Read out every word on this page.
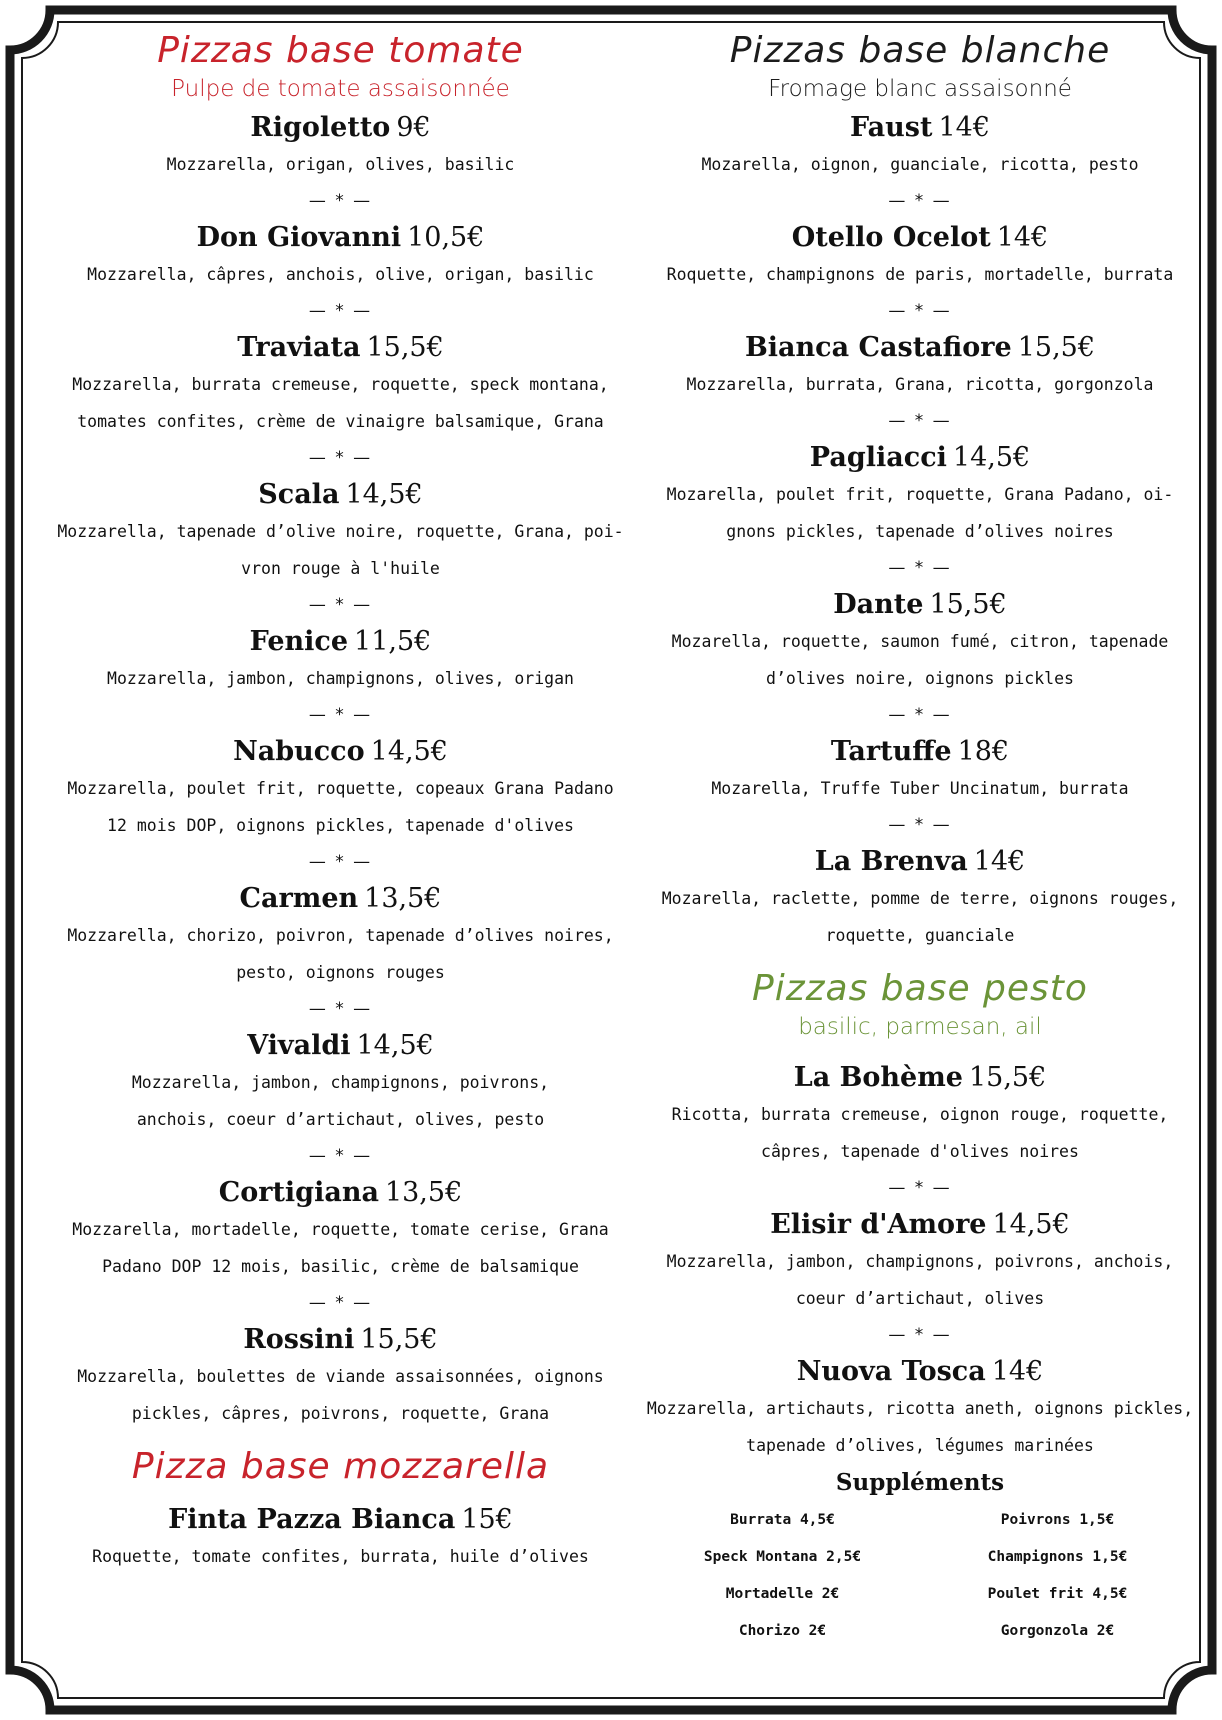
Pizzas base tomate
Pulpe de tomate assaisonnée
Rigoletto 9€
Mozzarella, origan, olives, basilic
— * —
Don Giovanni 10,5€
Mozzarella, câpres, anchois, olive, origan, basilic
— * —
Traviata 15,5€
Mozzarella, burrata cremeuse, roquette, speck montana,
tomates confites, crème de vinaigre balsamique, Grana
— * —
Scala 14,5€
Mozzarella, tapenade d’olive noire, roquette, Grana, poi-
vron rouge à l'huile
— * —
Fenice 11,5€
Mozzarella, jambon, champignons, olives, origan
— * —
Nabucco 14,5€
Mozzarella, poulet frit, roquette, copeaux Grana Padano
12 mois DOP, oignons pickles, tapenade d'olives
— * —
Carmen 13,5€
Mozzarella, chorizo, poivron, tapenade d’olives noires,
pesto, oignons rouges
— * —
Vivaldi 14,5€
Mozzarella, jambon, champignons, poivrons,
anchois, coeur d’artichaut, olives, pesto
— * —
Cortigiana 13,5€
Mozzarella, mortadelle, roquette, tomate cerise, Grana
Padano DOP 12 mois, basilic, crème de balsamique
— * —
Rossini 15,5€
Mozzarella, boulettes de viande assaisonnées, oignons
pickles, câpres, poivrons, roquette, Grana
Pizza base mozzarella
Finta Pazza Bianca 15€
Roquette, tomate confites, burrata, huile d’olives
Pizzas base blanche
Fromage blanc assaisonné
Faust 14€
Mozarella, oignon, guanciale, ricotta, pesto
— * —
Otello Ocelot 14€
Roquette, champignons de paris, mortadelle, burrata
— * —
Bianca Castafiore 15,5€
Mozzarella, burrata, Grana, ricotta, gorgonzola
— * —
Pagliacci 14,5€
Mozarella, poulet frit, roquette, Grana Padano, oi-
gnons pickles, tapenade d’olives noires
— * —
Dante 15,5€
Mozarella, roquette, saumon fumé, citron, tapenade
d’olives noire, oignons pickles
— * —
Tartuffe 18€
Mozarella, Truffe Tuber Uncinatum, burrata
— * —
La Brenva 14€
Mozarella, raclette, pomme de terre, oignons rouges,
roquette, guanciale
Pizzas base pesto
basilic, parmesan, ail
La Bohème 15,5€
Ricotta, burrata cremeuse, oignon rouge, roquette,
câpres, tapenade d'olives noires
— * —
Elisir d'Amore 14,5€
Mozzarella, jambon, champignons, poivrons, anchois,
coeur d’artichaut, olives
— * —
Nuova Tosca 14€
Mozzarella, artichauts, ricotta aneth, oignons pickles,
tapenade d’olives, légumes marinées
Suppléments
Burrata 4,5€	Poivrons 1,5€
Speck Montana 2,5€	Champignons 1,5€
Mortadelle 2€	Poulet frit 4,5€
Chorizo 2€	Gorgonzola 2€
